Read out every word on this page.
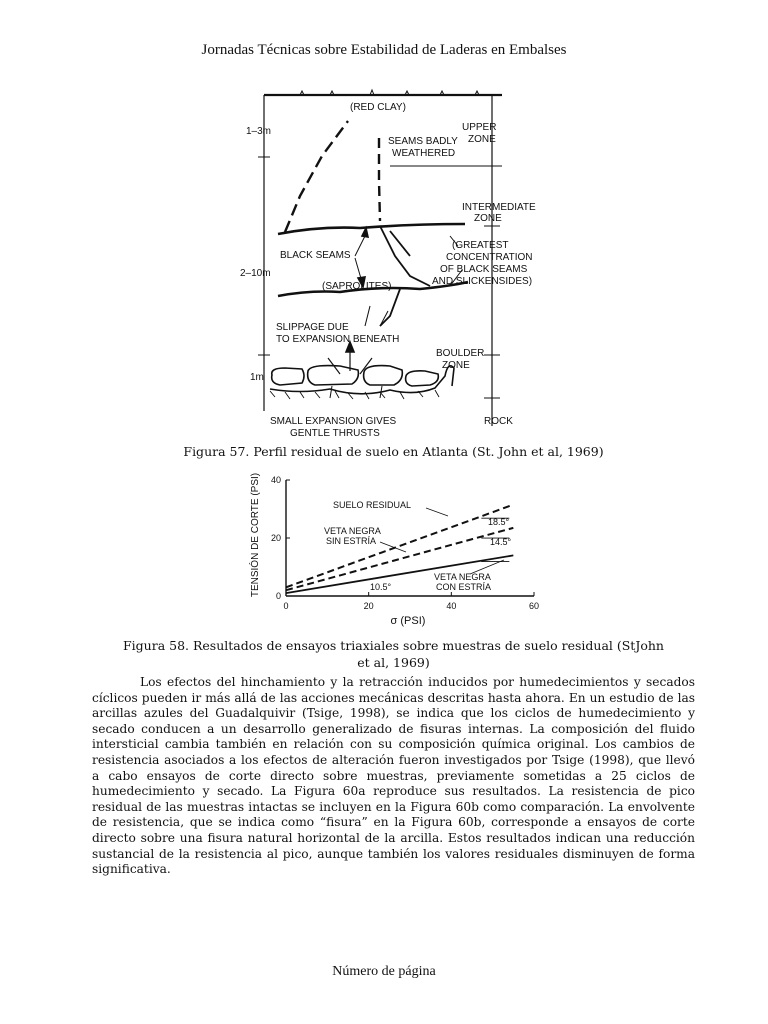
Jornadas Técnicas sobre Estabilidad de Laderas en Embalses
(RED CLAY)
UPPER
ZONE
1–3m
SEAMS BADLY
WEATHERED
INTERMEDIATE
ZONE
BLACK SEAMS
(GREATEST
CONCENTRATION
OF BLACK SEAMS
AND SLICKENSIDES)
2–10m
(SAPROLITES)
SLIPPAGE DUE
TO EXPANSION BENEATH
BOULDER
ZONE
1m
SMALL EXPANSION GIVES
GENTLE THRUSTS
ROCK
Figura 57. Perfil residual de suelo en Atlanta (St. John et al, 1969)
TENSIÓN DE CORTE (PSI)
σ (PSI)
SUELO RESIDUAL
VETA NEGRA
SIN ESTRÍA
VETA NEGRA
CON ESTRÍA
18.5°
14.5°
10.5°
0	20	40	60
0
20
40
Figura 58. Resultados de ensayos triaxiales sobre muestras de suelo residual (StJohn
et al, 1969)

Los efectos del hinchamiento y la retracción inducidos por humedecimientos y secados cíclicos pueden ir más allá de las acciones mecánicas descritas hasta ahora. En un estudio de las arcillas azules del Guadalquivir (Tsige, 1998), se indica que los ciclos de humedecimiento y secado conducen a un desarrollo generalizado de fisuras internas. La composición del fluido intersticial cambia también en relación con su composición química original. Los cambios de resistencia asociados a los efectos de alteración fueron investigados por Tsige (1998), que llevó a cabo ensayos de corte directo sobre muestras, previamente sometidas a 25 ciclos de humedecimiento y secado. La Figura 60a reproduce sus resultados. La resistencia de pico residual de las muestras intactas se incluyen en la Figura 60b como comparación. La envolvente de resistencia, que se indica como “fisura” en la Figura 60b, corresponde a ensayos de corte directo sobre una fisura natural horizontal de la arcilla. Estos resultados indican una reducción sustancial de la resistencia al pico, aunque también los valores residuales disminuyen de forma significativa.

Número de página
